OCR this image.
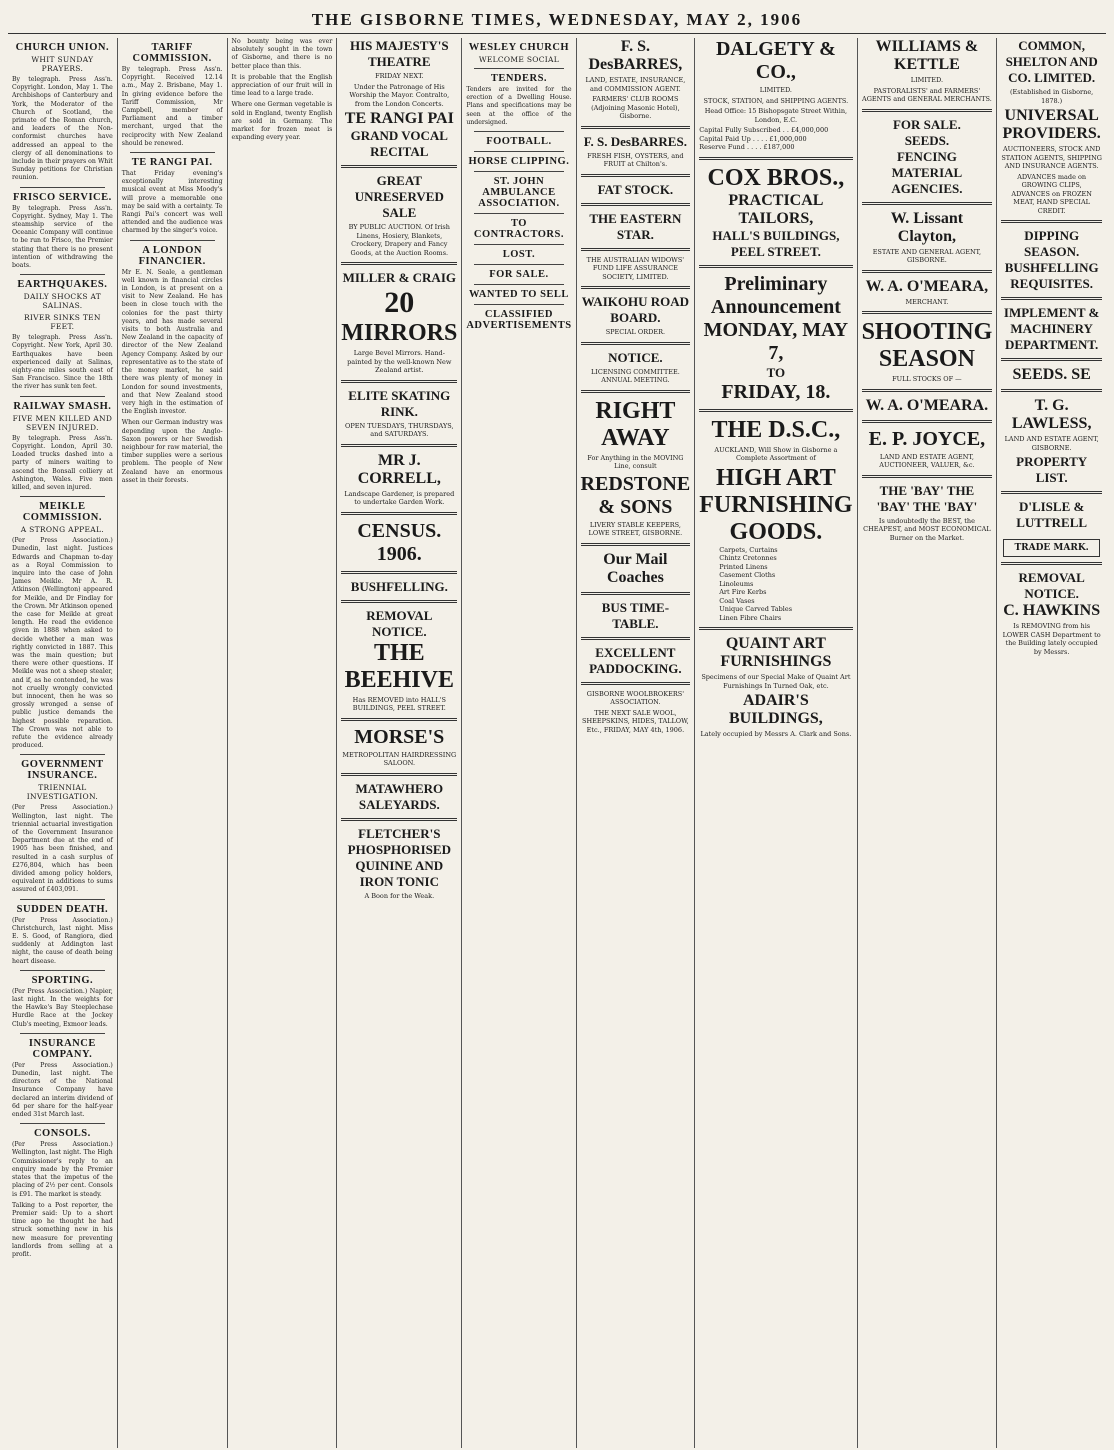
THE GISBORNE TIMES, WEDNESDAY, MAY 2, 1906
CHURCH UNION.
WHIT SUNDAY PRAYERS.

By telegraph. Press Ass'n. Copyright. London, May 1. The Archbishops of Canterbury and York, the Moderator of the Church of Scotland, the primate of the Roman church, and leaders of the Non-conformist churches have addressed an appeal to the clergy of all denominations to include in their prayers on Whit Sunday petitions for Christian reunion.

FRISCO SERVICE.

By telegraph. Press Ass'n. Copyright. Sydney, May 1. The steamship service of the Oceanic Company will continue to be run to Frisco, the Premier stating that there is no present intention of withdrawing the boats.

EARTHQUAKES.
DAILY SHOCKS AT SALINAS.
RIVER SINKS TEN FEET.

By telegraph. Press Ass'n. Copyright. New York, April 30. Earthquakes have been experienced daily at Salinas, eighty-one miles south east of San Francisco. Since the 18th the river has sunk ten feet.

RAILWAY SMASH.
FIVE MEN KILLED AND SEVEN INJURED.

By telegraph. Press Ass'n. Copyright. London, April 30. Loaded trucks dashed into a party of miners waiting to ascend the Bonsall colliery at Ashington, Wales. Five men killed, and seven injured.

MEIKLE COMMISSION.
A STRONG APPEAL.

(Per Press Association.) Dunedin, last night. Justices Edwards and Chapman to-day as a Royal Commission to inquire into the case of John James Meikle. Mr A. R. Atkinson (Wellington) appeared for Meikle, and Dr Findlay for the Crown. Mr Atkinson opened the case for Meikle at great length. He read the evidence given in 1888 when asked to decide whether a man was rightly convicted in 1887. This was the main question; but there were other questions. If Meikle was not a sheep stealer, and if, as he contended, he was not cruelly wrongly convicted but innocent, then he was so grossly wronged a sense of public justice demands the highest possible reparation. The Crown was not able to refute the evidence already produced.

GOVERNMENT INSURANCE.
TRIENNIAL INVESTIGATION.

(Per Press Association.) Wellington, last night. The triennial actuarial investigation of the Government Insurance Department due at the end of 1905 has been finished, and resulted in a cash surplus of £276,804, which has been divided among policy holders, equivalent in additions to sums assured of £403,091.

SUDDEN DEATH.

(Per Press Association.) Christchurch, last night. Miss E. S. Good, of Rangiora, died suddenly at Addington last night, the cause of death being heart disease.

SPORTING.

(Per Press Association.) Napier, last night. In the weights for the Hawke's Bay Steeplechase Hurdle Race at the Jockey Club's meeting, Exmoor leads.

INSURANCE COMPANY.

(Per Press Association.) Dunedin, last night. The directors of the National Insurance Company have declared an interim dividend of 6d per share for the half-year ended 31st March last.

CONSOLS.

(Per Press Association.) Wellington, last night. The High Commissioner's reply to an enquiry made by the Premier states that the impetus of the placing of 2½ per cent. Consols is £91. The market is steady.

Talking to a Post reporter, the Premier said: Up to a short time ago he thought he had struck something new in his new measure for preventing landlords from selling at a profit.

TARIFF COMMISSION.

By telegraph. Press Ass'n. Copyright. Received 12.14 a.m., May 2. Brisbane, May 1. In giving evidence before the Tariff Commission, Mr Campbell, member of Parliament and a timber merchant, urged that the reciprocity with New Zealand should be renewed.

TE RANGI PAI.

That Friday evening's exceptionally interesting musical event at Miss Moody's will prove a memorable one may be said with a certainty. Te Rangi Pai's concert was well attended and the audience was charmed by the singer's voice.

A LONDON FINANCIER.

Mr E. N. Seale, a gentleman well known in financial circles in London, is at present on a visit to New Zealand. He has been in close touch with the colonies for the past thirty years, and has made several visits to both Australia and New Zealand in the capacity of director of the New Zealand Agency Company. Asked by our representative as to the state of the money market, he said there was plenty of money in London for sound investments, and that New Zealand stood very high in the estimation of the English investor.

When our German industry was depending upon the Anglo-Saxon powers or her Swedish neighbour for raw material, the timber supplies were a serious problem. The people of New Zealand have an enormous asset in their forests.

No bounty being was ever absolutely sought in the town of Gisborne, and there is no better place than this.

It is probable that the English appreciation of our fruit will in time lead to a large trade.

Where one German vegetable is sold in England, twenty English are sold in Germany. The market for frozen meat is expanding every year.

HIS MAJESTY'S THEATRE
FRIDAY NEXT.
Under the Patronage of His Worship the Mayor. Contralto, from the London Concerts.
TE RANGI PAI
GRAND VOCAL RECITAL
GREAT UNRESERVED SALE
BY PUBLIC AUCTION. Of Irish Linens, Hosiery, Blankets, Crockery, Drapery and Fancy Goods, at the Auction Rooms.
MILLER & CRAIG
20
MIRRORS
Large Bevel Mirrors. Hand-painted by the well-known New Zealand artist.
ELITE SKATING RINK.
OPEN TUESDAYS, THURSDAYS, and SATURDAYS.
MR J. CORRELL,
Landscape Gardener, is prepared to undertake Garden Work.
CENSUS. 1906.
BUSHFELLING.
REMOVAL NOTICE.
THE BEEHIVE
Has REMOVED into HALL'S BUILDINGS, PEEL STREET.
MORSE'S
METROPOLITAN HAIRDRESSING SALOON.
MATAWHERO SALEYARDS.
FLETCHER'S PHOSPHORISED QUININE AND IRON TONIC
A Boon for the Weak.
WESLEY CHURCH
WELCOME SOCIAL
TENDERS.

Tenders are invited for the erection of a Dwelling House. Plans and specifications may be seen at the office of the undersigned.

FOOTBALL.
HORSE CLIPPING.
ST. JOHN AMBULANCE ASSOCIATION.
TO CONTRACTORS.
LOST.
FOR SALE.
WANTED TO SELL
CLASSIFIED ADVERTISEMENTS
F. S. DesBARRES,
LAND, ESTATE, INSURANCE, and COMMISSION AGENT.
FARMERS' CLUB ROOMS (Adjoining Masonic Hotel), Gisborne.
F. S. DesBARRES.
FRESH FISH, OYSTERS, and FRUIT at Chilton's.
FAT STOCK.
THE EASTERN STAR.
THE AUSTRALIAN WIDOWS' FUND LIFE ASSURANCE SOCIETY, LIMITED.
WAIKOHU ROAD BOARD.
SPECIAL ORDER.
NOTICE.
LICENSING COMMITTEE. ANNUAL MEETING.
RIGHT AWAY
For Anything in the MOVING Line, consult
REDSTONE & SONS
LIVERY STABLE KEEPERS, LOWE STREET, GISBORNE.
Our Mail Coaches
BUS TIME-TABLE.
EXCELLENT PADDOCKING.
GISBORNE WOOLBROKERS' ASSOCIATION.
THE NEXT SALE WOOL, SHEEPSKINS, HIDES, TALLOW, Etc., FRIDAY, MAY 4th, 1906.
DALGETY & CO.,
LIMITED.
STOCK, STATION, and SHIPPING AGENTS.
Head Office: 15 Bishopsgate Street Within, London, E.C.
Capital Fully Subscribed . . £4,000,000
Capital Paid Up . . . . £1,000,000
Reserve Fund . . . . £187,000
COX BROS.,
PRACTICAL TAILORS,
HALL'S BUILDINGS, PEEL STREET.
Preliminary Announcement
MONDAY, MAY 7,
TO
FRIDAY, 18.
THE D.S.C.,
AUCKLAND, Will Show in Gisborne a Complete Assortment of
HIGH ART FURNISHING GOODS.
Carpets, Curtains
Chintz Cretonnes
Printed Linens
Casement Cloths
Linoleums
Art Fire Kerbs
Coal Vases
Unique Carved Tables
Linen Fibre Chairs
QUAINT ART FURNISHINGS
Specimens of our Special Make of Quaint Art Furnishings In Turned Oak, etc.
ADAIR'S BUILDINGS,
Lately occupied by Messrs A. Clark and Sons.
WILLIAMS & KETTLE
LIMITED.
PASTORALISTS' and FARMERS' AGENTS and GENERAL MERCHANTS.
FOR SALE.
SEEDS.
FENCING MATERIAL
AGENCIES.
W. Lissant Clayton,
ESTATE AND GENERAL AGENT, GISBORNE.
W. A. O'MEARA,
MERCHANT.
SHOOTING SEASON
FULL STOCKS OF —
W. A. O'MEARA.
E. P. JOYCE,
LAND AND ESTATE AGENT, AUCTIONEER, VALUER, &c.
THE 'BAY' THE 'BAY' THE 'BAY'
Is undoubtedly the BEST, the CHEAPEST, and MOST ECONOMICAL Burner on the Market.
COMMON, SHELTON AND CO. LIMITED.
(Established in Gisborne, 1878.)
UNIVERSAL PROVIDERS.
AUCTIONEERS, STOCK AND STATION AGENTS, SHIPPING AND INSURANCE AGENTS.
ADVANCES made on GROWING CLIPS, ADVANCES on FROZEN MEAT, HAND SPECIAL CREDIT.
DIPPING SEASON.
BUSHFELLING REQUISITES.
IMPLEMENT & MACHINERY DEPARTMENT.
SEEDS. SE
T. G. LAWLESS,
LAND AND ESTATE AGENT, GISBORNE.
PROPERTY LIST.
D'LISLE & LUTTRELL
TRADE MARK.
REMOVAL NOTICE.
C. HAWKINS
Is REMOVING from his LOWER CASH Department to the Building lately occupied by Messrs.
